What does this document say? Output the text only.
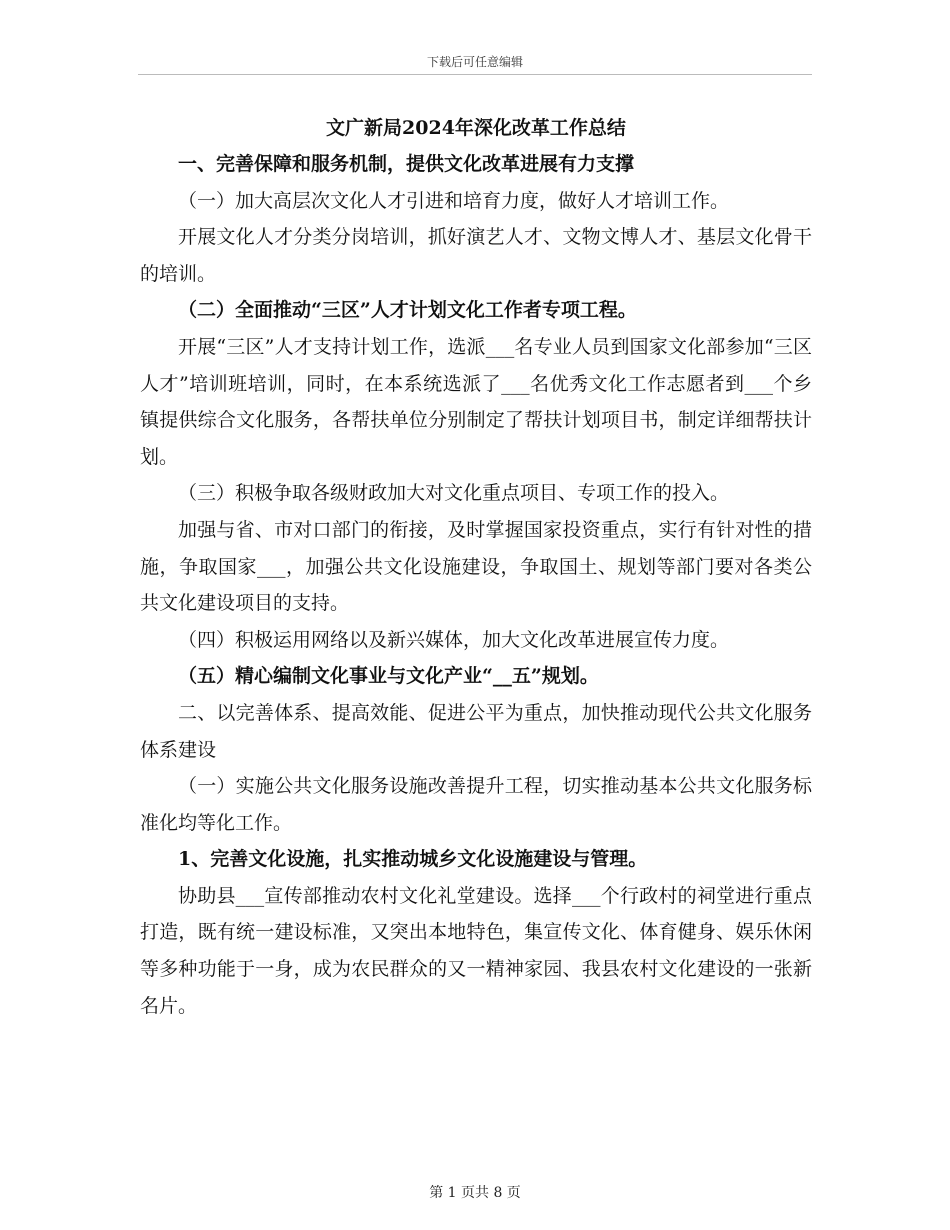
下载后可任意编辑
文广新局2024年深化改革工作总结

一、完善保障和服务机制，提供文化改革进展有力支撑

（一）加大高层次文化人才引进和培育力度，做好人才培训工作。

开展文化人才分类分岗培训，抓好演艺人才、文物文博人才、基层文化骨干的培训。

（二）全面推动“三区”人才计划文化工作者专项工程。

开展“三区”人才支持计划工作，选派___名专业人员到国家文化部参加“三区人才”培训班培训，同时，在本系统选派了___名优秀文化工作志愿者到___个乡镇提供综合文化服务，各帮扶单位分别制定了帮扶计划项目书，制定详细帮扶计划。

（三）积极争取各级财政加大对文化重点项目、专项工作的投入。

加强与省、市对口部门的衔接，及时掌握国家投资重点，实行有针对性的措施，争取国家___，加强公共文化设施建设，争取国土、规划等部门要对各类公共文化建设项目的支持。

（四）积极运用网络以及新兴媒体，加大文化改革进展宣传力度。

（五）精心编制文化事业与文化产业“__五”规划。

二、以完善体系、提高效能、促进公平为重点，加快推动现代公共文化服务体系建设

（一）实施公共文化服务设施改善提升工程，切实推动基本公共文化服务标准化均等化工作。

1、完善文化设施，扎实推动城乡文化设施建设与管理。

协助县___宣传部推动农村文化礼堂建设。选择___个行政村的祠堂进行重点打造，既有统一建设标准，又突出本地特色，集宣传文化、体育健身、娱乐休闲等多种功能于一身，成为农民群众的又一精神家园、我县农村文化建设的一张新名片。

第 1 页共 8 页
